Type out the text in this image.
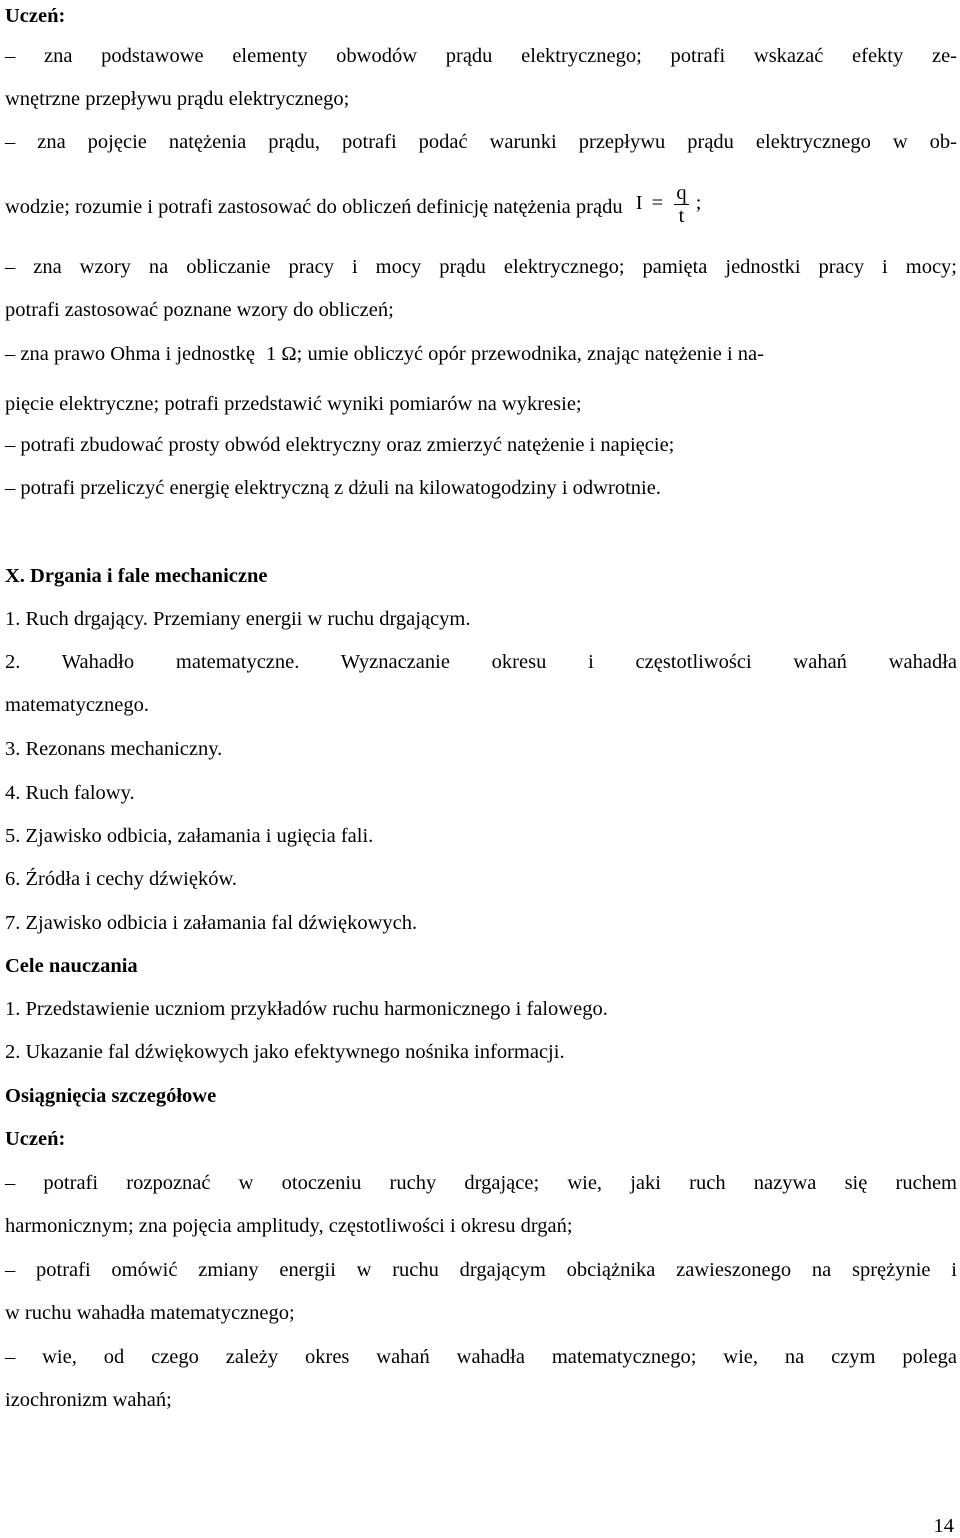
Uczeń:
– zna podstawowe elementy obwodów prądu elektrycznego; potrafi wskazać efekty ze-
wnętrzne przepływu prądu elektrycznego;
– zna pojęcie natężenia prądu, potrafi podać warunki przepływu prądu elektrycznego w ob-
wodzie; rozumie i potrafi zastosować do obliczeń definicję natężenia prądu $I = \frac{q}{t}$ ;
– zna wzory na obliczanie pracy i mocy prądu elektrycznego; pamięta jednostki pracy i mocy;
potrafi zastosować poznane wzory do obliczeń;
– zna prawo Ohma i jednostkę 1 Ω; umie obliczyć opór przewodnika, znając natężenie i na-
pięcie elektryczne; potrafi przedstawić wyniki pomiarów na wykresie;
– potrafi zbudować prosty obwód elektryczny oraz zmierzyć natężenie i napięcie;
– potrafi przeliczyć energię elektryczną z dżuli na kilowatogodziny i odwrotnie.
X. Drgania i fale mechaniczne
1. Ruch drgający. Przemiany energii w ruchu drgającym.
2. Wahadło matematyczne. Wyznaczanie okresu i częstotliwości wahań wahadła
matematycznego.
3. Rezonans mechaniczny.
4. Ruch falowy.
5. Zjawisko odbicia, załamania i ugięcia fali.
6. Źródła i cechy dźwięków.
7. Zjawisko odbicia i załamania fal dźwiękowych.
Cele nauczania
1. Przedstawienie uczniom przykładów ruchu harmonicznego i falowego.
2. Ukazanie fal dźwiękowych jako efektywnego nośnika informacji.
Osiągnięcia szczegółowe
Uczeń:
– potrafi rozpoznać w otoczeniu ruchy drgające; wie, jaki ruch nazywa się ruchem
harmonicznym; zna pojęcia amplitudy, częstotliwości i okresu drgań;
– potrafi omówić zmiany energii w ruchu drgającym obciążnika zawieszonego na sprężynie i
w ruchu wahadła matematycznego;
– wie, od czego zależy okres wahań wahadła matematycznego; wie, na czym polega
izochronizm wahań;
14
